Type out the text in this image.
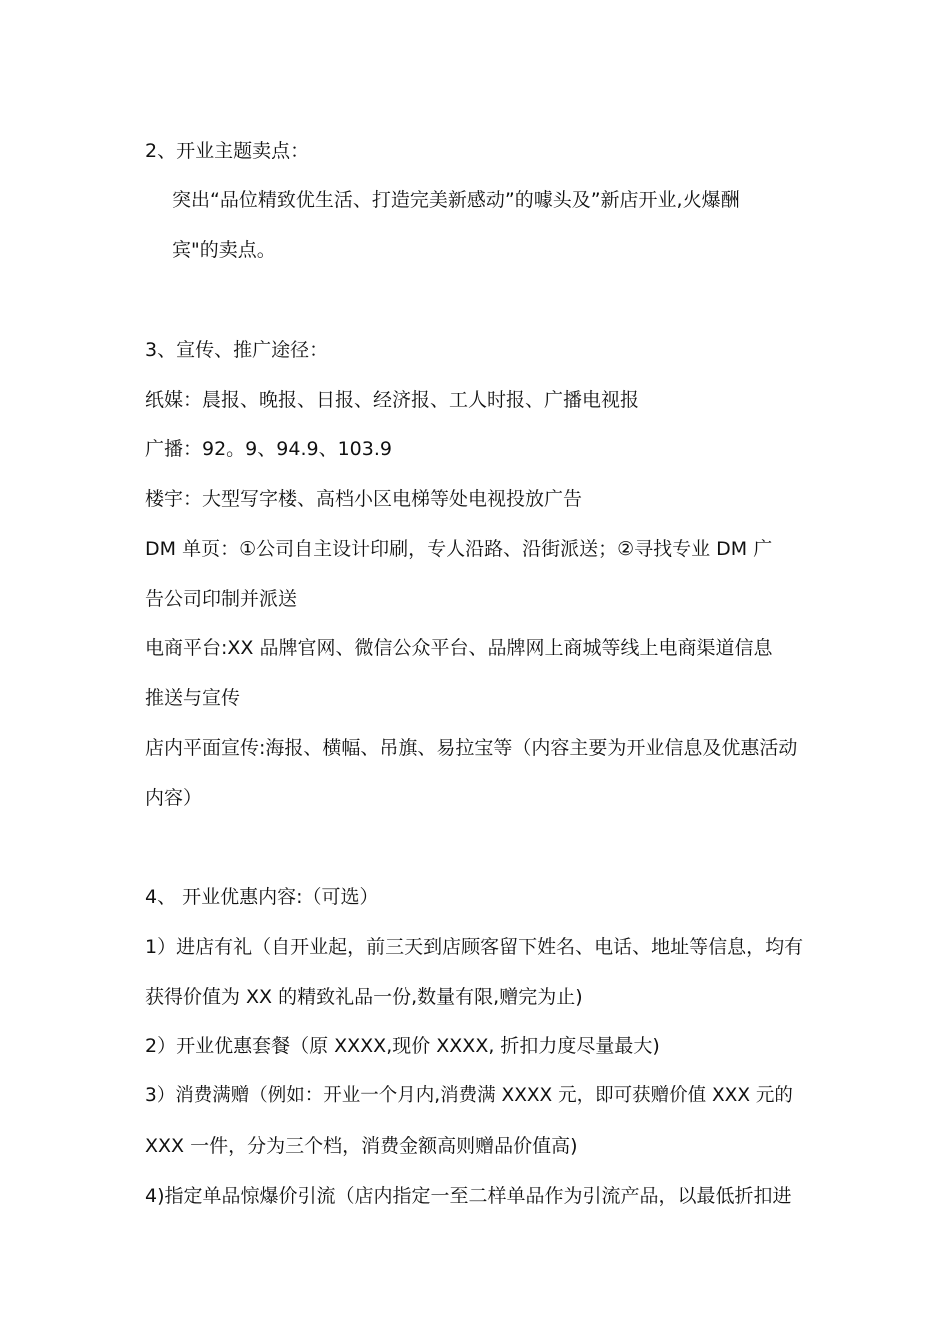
2、开业主题卖点：
突出“品位精致优生活、打造完美新感动”的噱头及”新店开业,火爆酬
宾"的卖点。
3、宣传、推广途径：
纸媒：晨报、晚报、日报、经济报、工人时报、广播电视报
广播：92。9、94.9、103.9
楼宇：大型写字楼、高档小区电梯等处电视投放广告
DM 单页：①公司自主设计印刷，专人沿路、沿街派送；②寻找专业 DM 广
告公司印制并派送
电商平台:XX 品牌官网、微信公众平台、品牌网上商城等线上电商渠道信息
推送与宣传
店内平面宣传:海报、横幅、吊旗、易拉宝等（内容主要为开业信息及优惠活动
内容）
4、 开业优惠内容:（可选）
1）进店有礼（自开业起，前三天到店顾客留下姓名、电话、地址等信息，均有
获得价值为 XX 的精致礼品一份,数量有限,赠完为止)
2）开业优惠套餐（原 XXXX,现价 XXXX, 折扣力度尽量最大)
3）消费满赠（例如：开业一个月内,消费满 XXXX 元，即可获赠价值 XXX 元的
XXX 一件，分为三个档，消费金额高则赠品价值高)
4)指定单品惊爆价引流（店内指定一至二样单品作为引流产品，以最低折扣进
